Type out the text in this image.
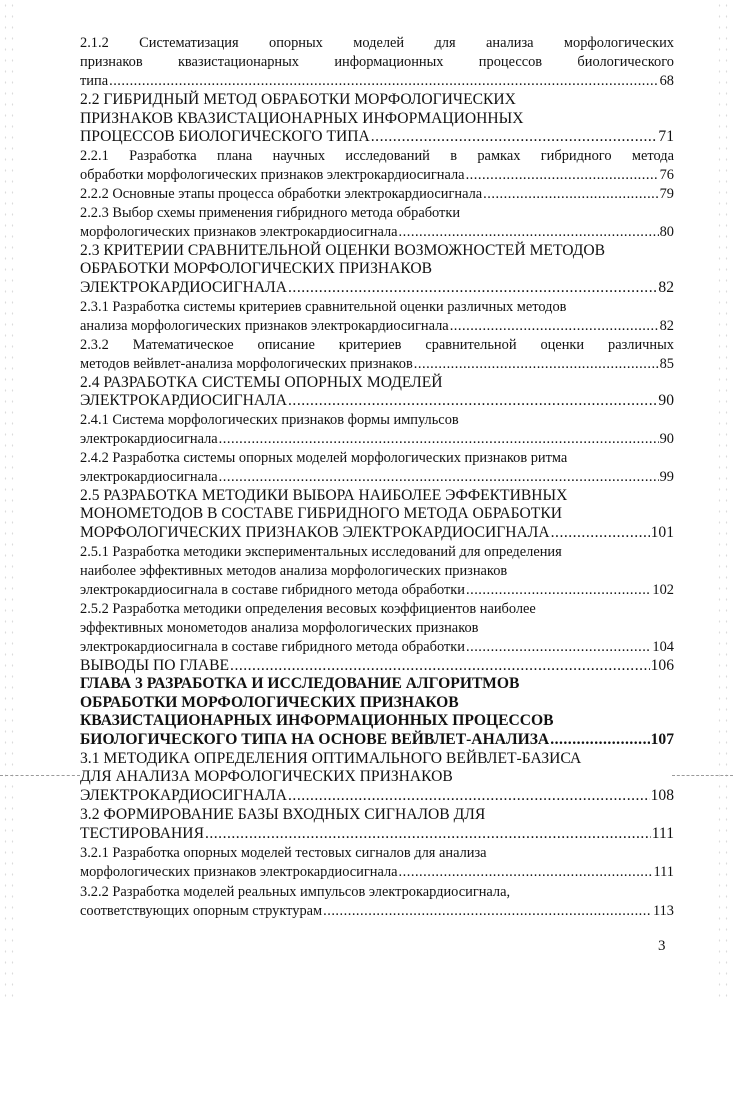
2.1.2 Систематизация опорных моделей для анализа морфологических
признаков квазистационарных информационных процессов биологического
типа .....	68
2.2 ГИБРИДНЫЙ МЕТОД ОБРАБОТКИ МОРФОЛОГИЧЕСКИХ
ПРИЗНАКОВ КВАЗИСТАЦИОНАРНЫХ ИНФОРМАЦИОННЫХ
ПРОЦЕССОВ БИОЛОГИЧЕСКОГО ТИПА .....	71
2.2.1 Разработка плана научных исследований в рамках гибридного метода
обработки морфологических признаков электрокардиосигнала .....	76
2.2.2 Основные этапы процесса обработки электрокардиосигнала .....	79
2.2.3 Выбор схемы применения гибридного метода обработки
морфологических признаков электрокардиосигнала .....	80
2.3 КРИТЕРИИ СРАВНИТЕЛЬНОЙ ОЦЕНКИ ВОЗМОЖНОСТЕЙ МЕТОДОВ
ОБРАБОТКИ МОРФОЛОГИЧЕСКИХ ПРИЗНАКОВ
ЭЛЕКТРОКАРДИОСИГНАЛА .....	82
2.3.1 Разработка системы критериев сравнительной оценки различных методов
анализа морфологических признаков электрокардиосигнала .....	82
2.3.2 Математическое описание критериев сравнительной оценки различных
методов вейвлет-анализа морфологических признаков .....	85
2.4 РАЗРАБОТКА СИСТЕМЫ ОПОРНЫХ МОДЕЛЕЙ
ЭЛЕКТРОКАРДИОСИГНАЛА .....	90
2.4.1 Система морфологических признаков формы импульсов
электрокардиосигнала .....	90
2.4.2 Разработка системы опорных моделей морфологических признаков ритма
электрокардиосигнала .....	99
2.5 РАЗРАБОТКА МЕТОДИКИ ВЫБОРА НАИБОЛЕЕ ЭФФЕКТИВНЫХ
МОНОМЕТОДОВ В СОСТАВЕ ГИБРИДНОГО МЕТОДА ОБРАБОТКИ
МОРФОЛОГИЧЕСКИХ ПРИЗНАКОВ ЭЛЕКТРОКАРДИОСИГНАЛА .....	101
2.5.1 Разработка методики экспериментальных исследований для определения
наиболее эффективных методов анализа морфологических признаков
электрокардиосигнала в составе гибридного метода обработки .....	102
2.5.2 Разработка методики определения весовых коэффициентов наиболее
эффективных монометодов анализа морфологических признаков
электрокардиосигнала в составе гибридного метода обработки .....	104
ВЫВОДЫ ПО ГЛАВЕ .....	106
ГЛАВА 3 РАЗРАБОТКА И ИССЛЕДОВАНИЕ АЛГОРИТМОВ
ОБРАБОТКИ МОРФОЛОГИЧЕСКИХ ПРИЗНАКОВ
КВАЗИСТАЦИОНАРНЫХ ИНФОРМАЦИОННЫХ ПРОЦЕССОВ
БИОЛОГИЧЕСКОГО ТИПА НА ОСНОВЕ ВЕЙВЛЕТ-АНАЛИЗА .....	107
3.1 МЕТОДИКА ОПРЕДЕЛЕНИЯ ОПТИМАЛЬНОГО ВЕЙВЛЕТ-БАЗИСА
ДЛЯ АНАЛИЗА МОРФОЛОГИЧЕСКИХ ПРИЗНАКОВ
ЭЛЕКТРОКАРДИОСИГНАЛА .....	108
3.2 ФОРМИРОВАНИЕ БАЗЫ ВХОДНЫХ СИГНАЛОВ ДЛЯ
ТЕСТИРОВАНИЯ .....	111
3.2.1 Разработка опорных моделей тестовых сигналов для анализа
морфологических признаков электрокардиосигнала .....	111
3.2.2 Разработка моделей реальных импульсов электрокардиосигнала,
соответствующих опорным структурам .....	113
3
